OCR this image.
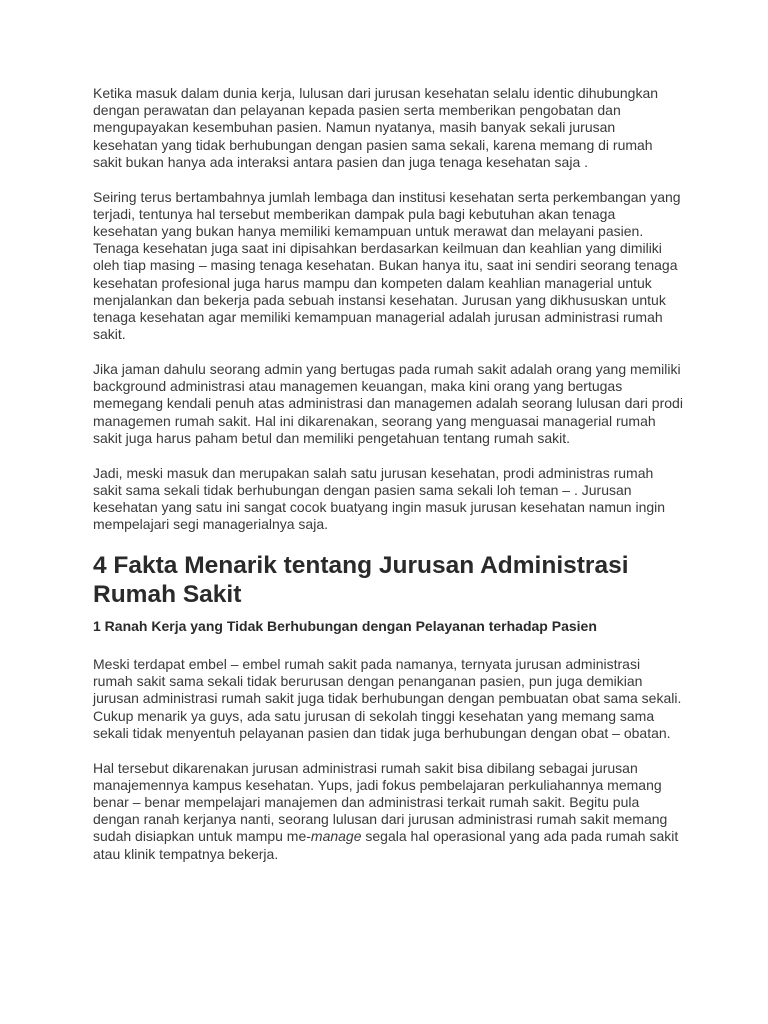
Ketika masuk dalam dunia kerja, lulusan dari jurusan kesehatan selalu identic dihubungkan dengan perawatan dan pelayanan kepada pasien serta memberikan pengobatan dan mengupayakan kesembuhan pasien. Namun nyatanya, masih banyak sekali jurusan kesehatan yang tidak berhubungan dengan pasien sama sekali, karena memang di rumah sakit bukan hanya ada interaksi antara pasien dan juga tenaga kesehatan saja .

Seiring terus bertambahnya jumlah lembaga dan institusi kesehatan serta perkembangan yang terjadi, tentunya hal tersebut memberikan dampak pula bagi kebutuhan akan tenaga kesehatan yang bukan hanya memiliki kemampuan untuk merawat dan melayani pasien. Tenaga kesehatan juga saat ini dipisahkan berdasarkan keilmuan dan keahlian yang dimiliki oleh tiap masing – masing tenaga kesehatan. Bukan hanya itu, saat ini sendiri seorang tenaga kesehatan profesional juga harus mampu dan kompeten dalam keahlian managerial untuk menjalankan dan bekerja pada sebuah instansi kesehatan. Jurusan yang dikhususkan untuk tenaga kesehatan agar memiliki kemampuan managerial adalah jurusan administrasi rumah sakit.

Jika jaman dahulu seorang admin yang bertugas pada rumah sakit adalah orang yang memiliki background administrasi atau managemen keuangan, maka kini orang yang bertugas memegang kendali penuh atas administrasi dan managemen adalah seorang lulusan dari prodi managemen rumah sakit. Hal ini dikarenakan, seorang yang menguasai managerial rumah sakit juga harus paham betul dan memiliki pengetahuan tentang rumah sakit.

Jadi, meski masuk dan merupakan salah satu jurusan kesehatan, prodi administras rumah sakit sama sekali tidak berhubungan dengan pasien sama sekali loh teman – . Jurusan kesehatan yang satu ini sangat cocok buatyang ingin masuk jurusan kesehatan namun ingin mempelajari segi managerialnya saja.

4 Fakta Menarik tentang Jurusan Administrasi Rumah Sakit
1 Ranah Kerja yang Tidak Berhubungan dengan Pelayanan terhadap Pasien

Meski terdapat embel – embel rumah sakit pada namanya, ternyata jurusan administrasi rumah sakit sama sekali tidak berurusan dengan penanganan pasien, pun juga demikian jurusan administrasi rumah sakit juga tidak berhubungan dengan pembuatan obat sama sekali. Cukup menarik ya guys, ada satu jurusan di sekolah tinggi kesehatan yang memang sama sekali tidak menyentuh pelayanan pasien dan tidak juga berhubungan dengan obat – obatan.

Hal tersebut dikarenakan jurusan administrasi rumah sakit bisa dibilang sebagai jurusan manajemennya kampus kesehatan. Yups, jadi fokus pembelajaran perkuliahannya memang benar – benar mempelajari manajemen dan administrasi terkait rumah sakit. Begitu pula dengan ranah kerjanya nanti, seorang lulusan dari jurusan administrasi rumah sakit memang sudah disiapkan untuk mampu me-manage segala hal operasional yang ada pada rumah sakit atau klinik tempatnya bekerja.
